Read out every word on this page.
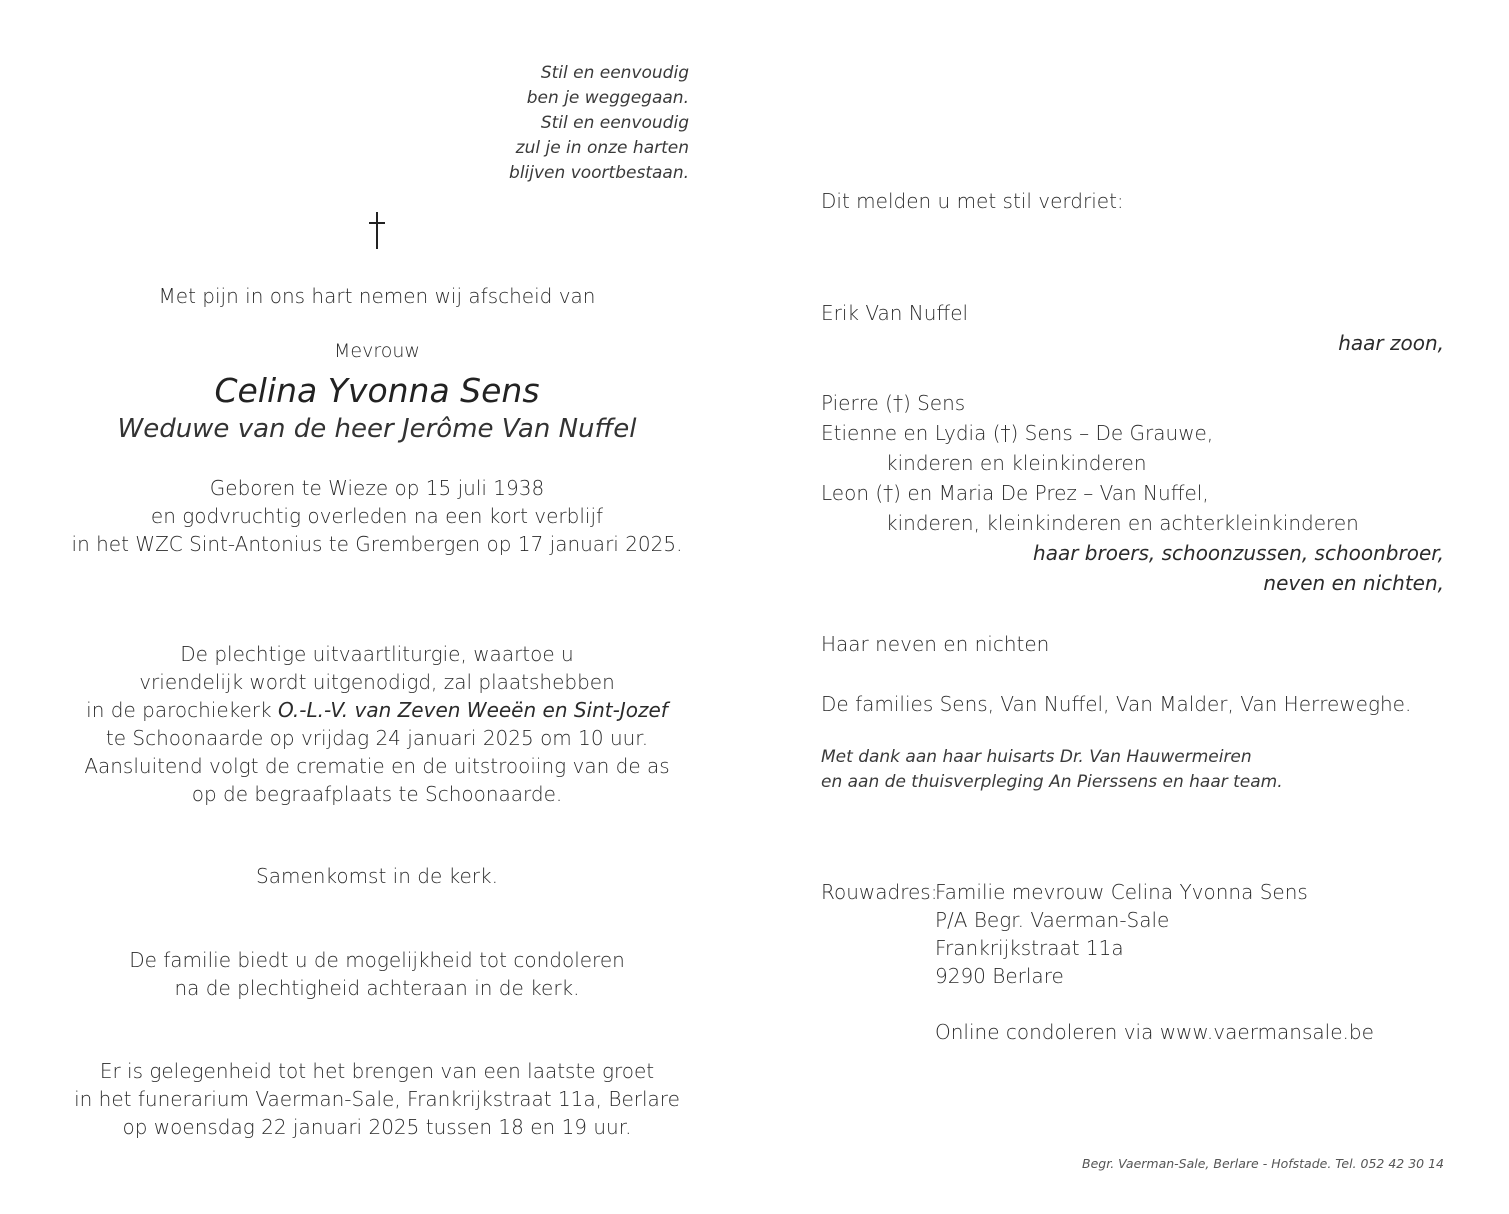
Stil en eenvoudig
ben je weggegaan.
Stil en eenvoudig
zul je in onze harten
blijven voortbestaan.
Met pijn in ons hart nemen wij afscheid van
Mevrouw
Celina Yvonna Sens
Weduwe van de heer Jerôme Van Nuffel
Geboren te Wieze op 15 juli 1938
en godvruchtig overleden na een kort verblijf
in het WZC Sint-Antonius te Grembergen op 17 januari 2025.
De plechtige uitvaartliturgie, waartoe u
vriendelijk wordt uitgenodigd, zal plaatshebben
in de parochiekerk O.-L.-V. van Zeven Weeën en Sint-Jozef
te Schoonaarde op vrijdag 24 januari 2025 om 10 uur.
Aansluitend volgt de crematie en de uitstrooiing van de as
op de begraafplaats te Schoonaarde.
Samenkomst in de kerk.
De familie biedt u de mogelijkheid tot condoleren
na de plechtigheid achteraan in de kerk.
Er is gelegenheid tot het brengen van een laatste groet
in het funerarium Vaerman-Sale, Frankrijkstraat 11a, Berlare
op woensdag 22 januari 2025 tussen 18 en 19 uur.
Dit melden u met stil verdriet:
Erik Van Nuffel
haar zoon,
Pierre (†) Sens
Etienne en Lydia (†) Sens – De Grauwe,
kinderen en kleinkinderen
Leon (†) en Maria De Prez – Van Nuffel,
kinderen, kleinkinderen en achterkleinkinderen
haar broers, schoonzussen, schoonbroer,
neven en nichten,
Haar neven en nichten
De families Sens, Van Nuffel, Van Malder, Van Herreweghe.
Met dank aan haar huisarts Dr. Van Hauwermeiren
en aan de thuisverpleging An Pierssens en haar team.
Rouwadres:
Familie mevrouw Celina Yvonna Sens
P/A Begr. Vaerman-Sale
Frankrijkstraat 11a
9290 Berlare
Online condoleren via www.vaermansale.be
Begr. Vaerman-Sale, Berlare - Hofstade. Tel. 052 42 30 14
